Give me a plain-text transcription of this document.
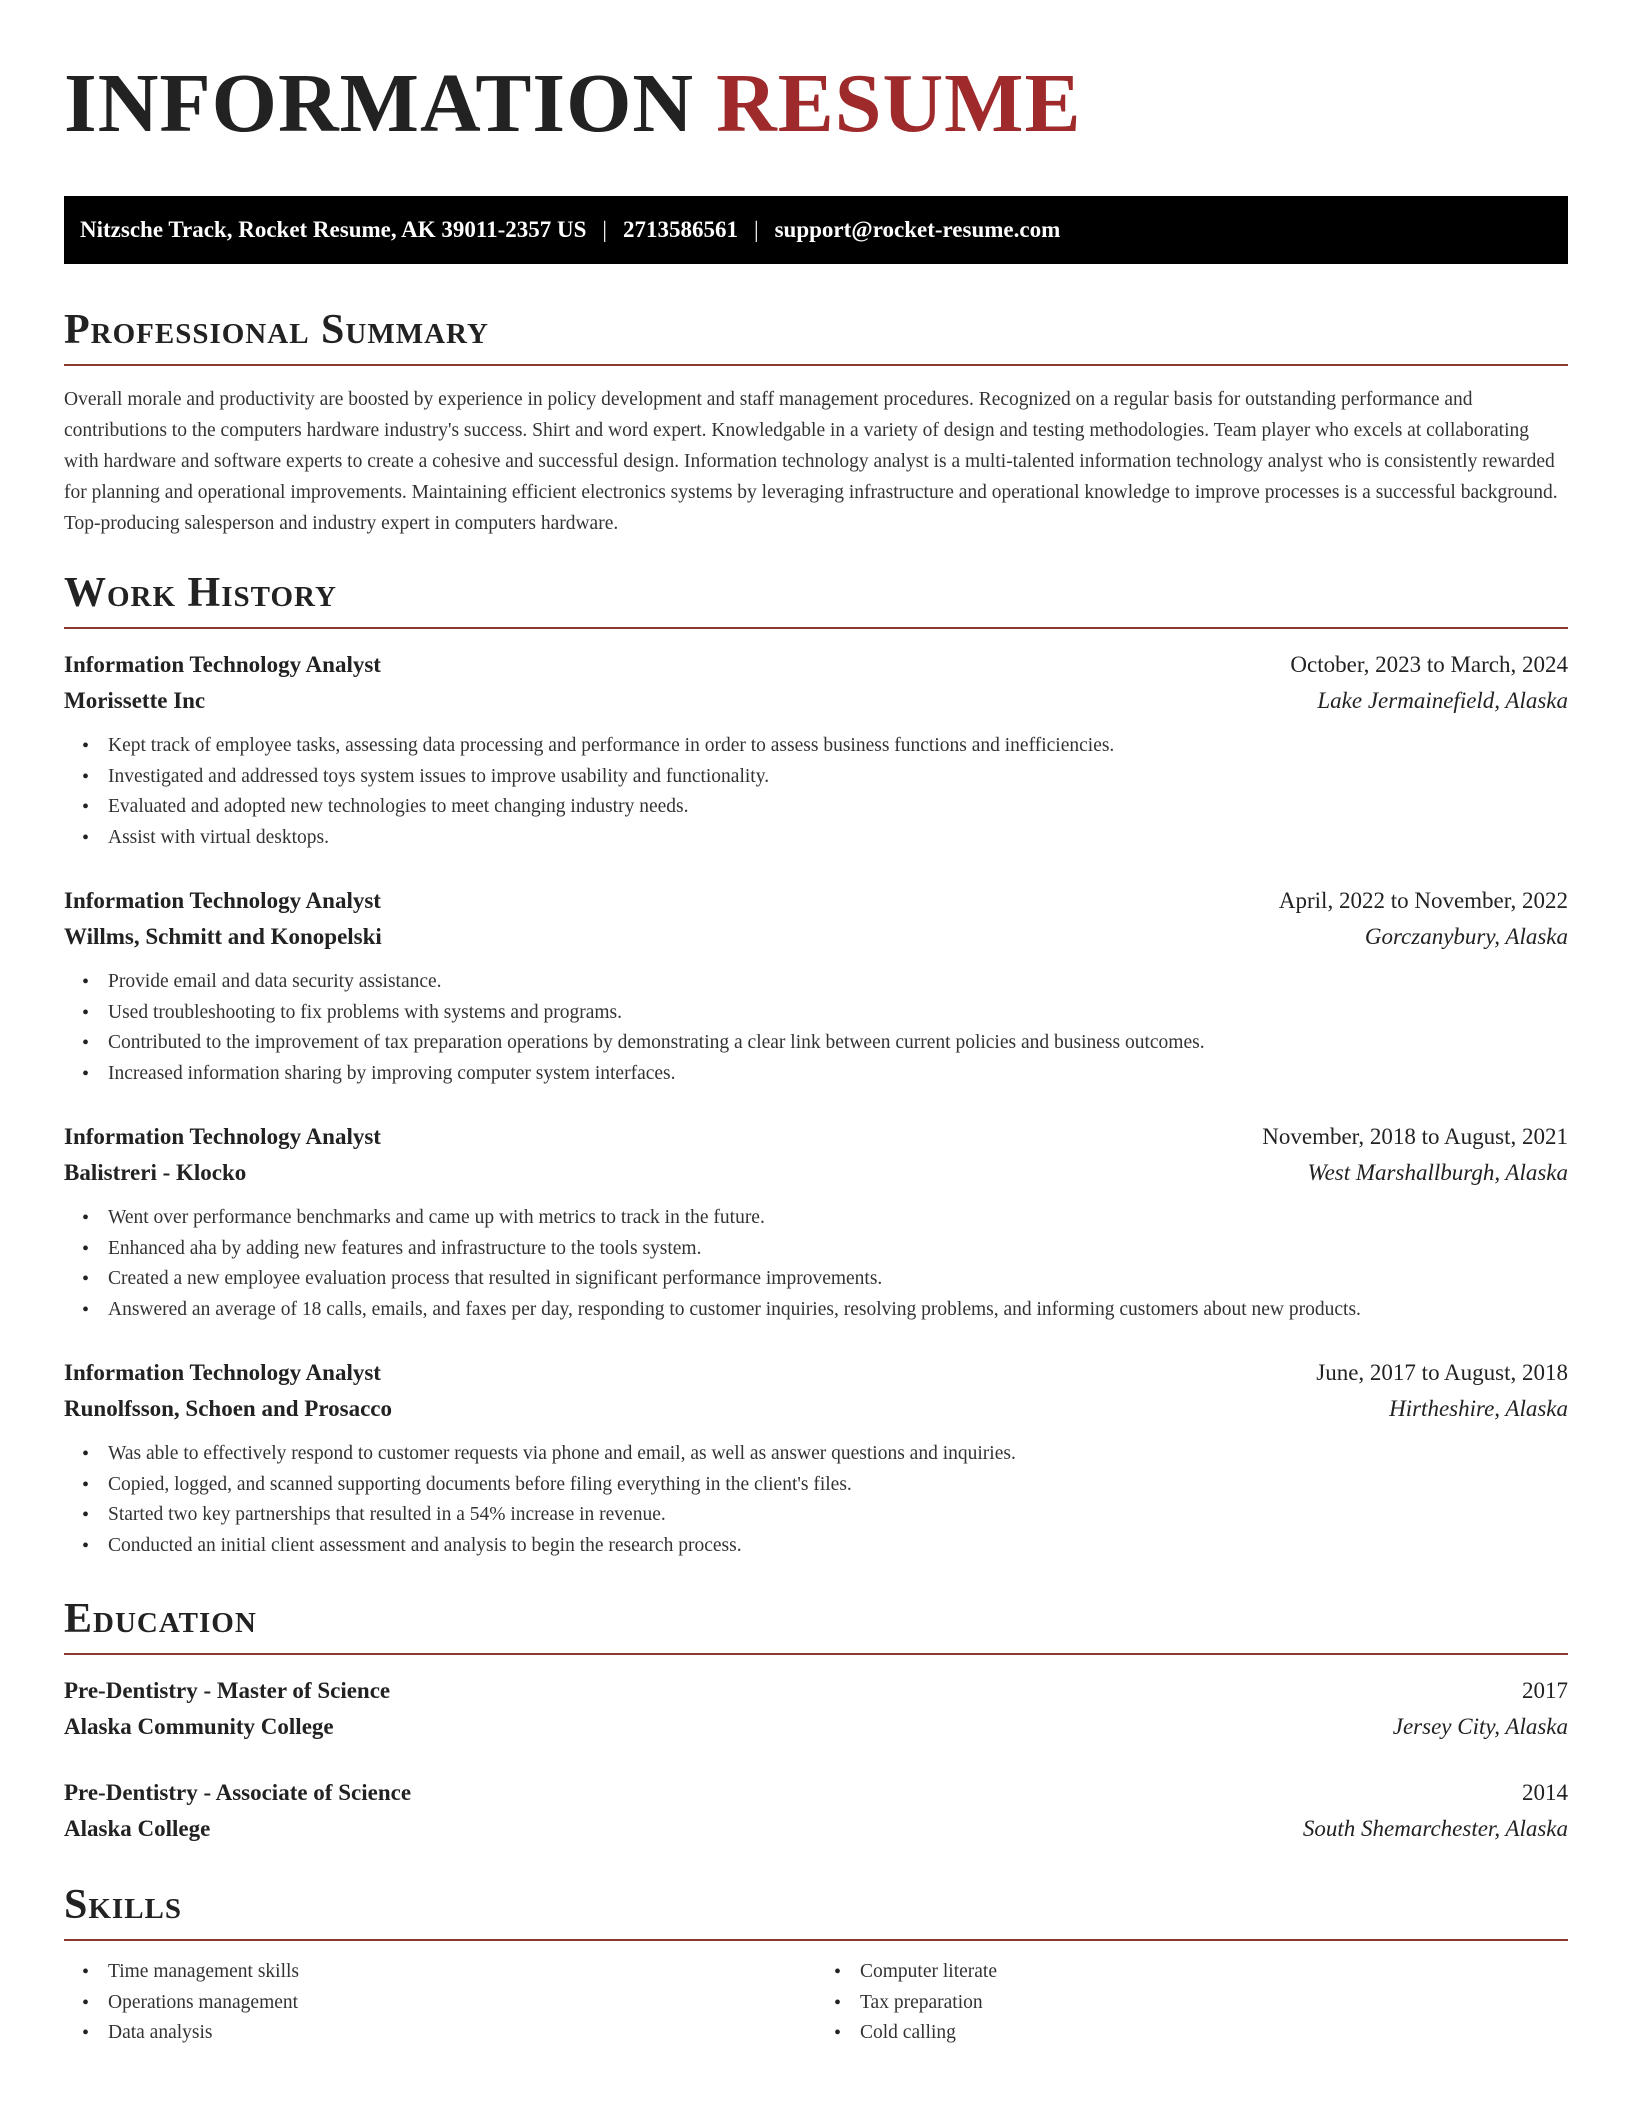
INFORMATION RESUME
Nitzsche Track, Rocket Resume, AK 39011-2357 US | 2713586561 | support@rocket-resume.com
Professional Summary

Overall morale and productivity are boosted by experience in policy development and staff management procedures. Recognized on a regular basis for outstanding performance and contributions to the computers hardware industry's success. Shirt and word expert. Knowledgable in a variety of design and testing methodologies. Team player who excels at collaborating with hardware and software experts to create a cohesive and successful design. Information technology analyst is a multi-talented information technology analyst who is consistently rewarded for planning and operational improvements. Maintaining efficient electronics systems by leveraging infrastructure and operational knowledge to improve processes is a successful background. Top-producing salesperson and industry expert in computers hardware.

Work History
Information Technology Analyst	October, 2023 to March, 2024
Morissette Inc	Lake Jermainefield, Alaska
• Kept track of employee tasks, assessing data processing and performance in order to assess business functions and inefficiencies.
• Investigated and addressed toys system issues to improve usability and functionality.
• Evaluated and adopted new technologies to meet changing industry needs.
• Assist with virtual desktops.
Information Technology Analyst	April, 2022 to November, 2022
Willms, Schmitt and Konopelski	Gorczanybury, Alaska
• Provide email and data security assistance.
• Used troubleshooting to fix problems with systems and programs.
• Contributed to the improvement of tax preparation operations by demonstrating a clear link between current policies and business outcomes.
• Increased information sharing by improving computer system interfaces.
Information Technology Analyst	November, 2018 to August, 2021
Balistreri - Klocko	West Marshallburgh, Alaska
• Went over performance benchmarks and came up with metrics to track in the future.
• Enhanced aha by adding new features and infrastructure to the tools system.
• Created a new employee evaluation process that resulted in significant performance improvements.
• Answered an average of 18 calls, emails, and faxes per day, responding to customer inquiries, resolving problems, and informing customers about new products.
Information Technology Analyst	June, 2017 to August, 2018
Runolfsson, Schoen and Prosacco	Hirtheshire, Alaska
• Was able to effectively respond to customer requests via phone and email, as well as answer questions and inquiries.
• Copied, logged, and scanned supporting documents before filing everything in the client's files.
• Started two key partnerships that resulted in a 54% increase in revenue.
• Conducted an initial client assessment and analysis to begin the research process.
Education
Pre-Dentistry - Master of Science	2017
Alaska Community College	Jersey City, Alaska
Pre-Dentistry - Associate of Science	2014
Alaska College	South Shemarchester, Alaska
Skills
• Time management skills
• Operations management
• Data analysis
• Computer literate
• Tax preparation
• Cold calling
